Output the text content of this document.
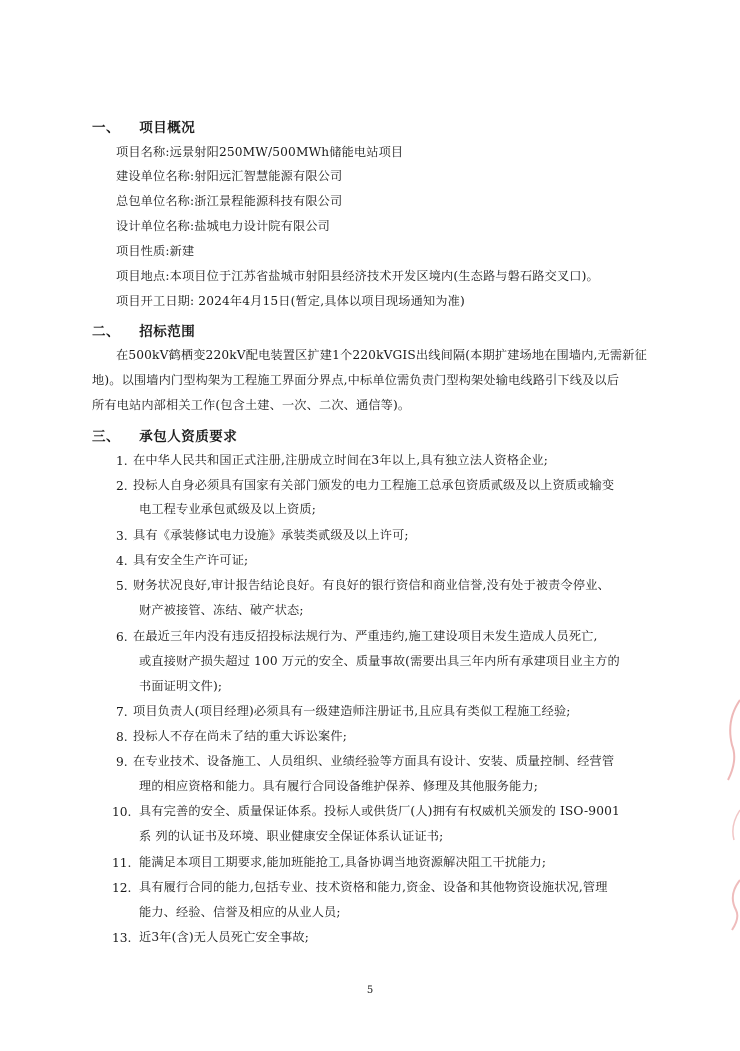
一、 项目概况
项目名称:远景射阳250MW/500MWh储能电站项目
建设单位名称:射阳远汇智慧能源有限公司
总包单位名称:浙江景程能源科技有限公司
设计单位名称:盐城电力设计院有限公司
项目性质:新建
项目地点:本项目位于江苏省盐城市射阳县经济技术开发区境内(生态路与磐石路交叉口)。
项目开工日期: 2024年4月15日(暂定,具体以项目现场通知为准)
二、 招标范围
在500kV鹤栖变220kV配电装置区扩建1个220kVGIS出线间隔(本期扩建场地在围墙内,无需新征
地)。以围墙内门型构架为工程施工界面分界点,中标单位需负责门型构架处输电线路引下线及以后
所有电站内部相关工作(包含土建、一次、二次、通信等)。
三、 承包人资质要求
1. 在中华人民共和国正式注册,注册成立时间在3年以上,具有独立法人资格企业;
2. 投标人自身必须具有国家有关部门颁发的电力工程施工总承包资质贰级及以上资质或输变
电工程专业承包贰级及以上资质;
3. 具有《承装修试电力设施》承装类贰级及以上许可;
4. 具有安全生产许可证;
5. 财务状况良好,审计报告结论良好。有良好的银行资信和商业信誉,没有处于被责令停业、
财产被接管、冻结、破产状态;
6. 在最近三年内没有违反招投标法规行为、严重违约,施工建设项目未发生造成人员死亡,
或直接财产损失超过 100 万元的安全、质量事故(需要出具三年内所有承建项目业主方的
书面证明文件);
7. 项目负责人(项目经理)必须具有一级建造师注册证书,且应具有类似工程施工经验;
8. 投标人不存在尚未了结的重大诉讼案件;
9. 在专业技术、设备施工、人员组织、业绩经验等方面具有设计、安装、质量控制、经营管
理的相应资格和能力。具有履行合同设备维护保养、修理及其他服务能力;
10. 具有完善的安全、质量保证体系。投标人或供货厂(人)拥有有权威机关颁发的 ISO-9001
系 列的认证书及环境、职业健康安全保证体系认证证书;
11. 能满足本项目工期要求,能加班能抢工,具备协调当地资源解决阻工干扰能力;
12. 具有履行合同的能力,包括专业、技术资格和能力,资金、设备和其他物资设施状况,管理
能力、经验、信誉及相应的从业人员;
13. 近3年(含)无人员死亡安全事故;
5
